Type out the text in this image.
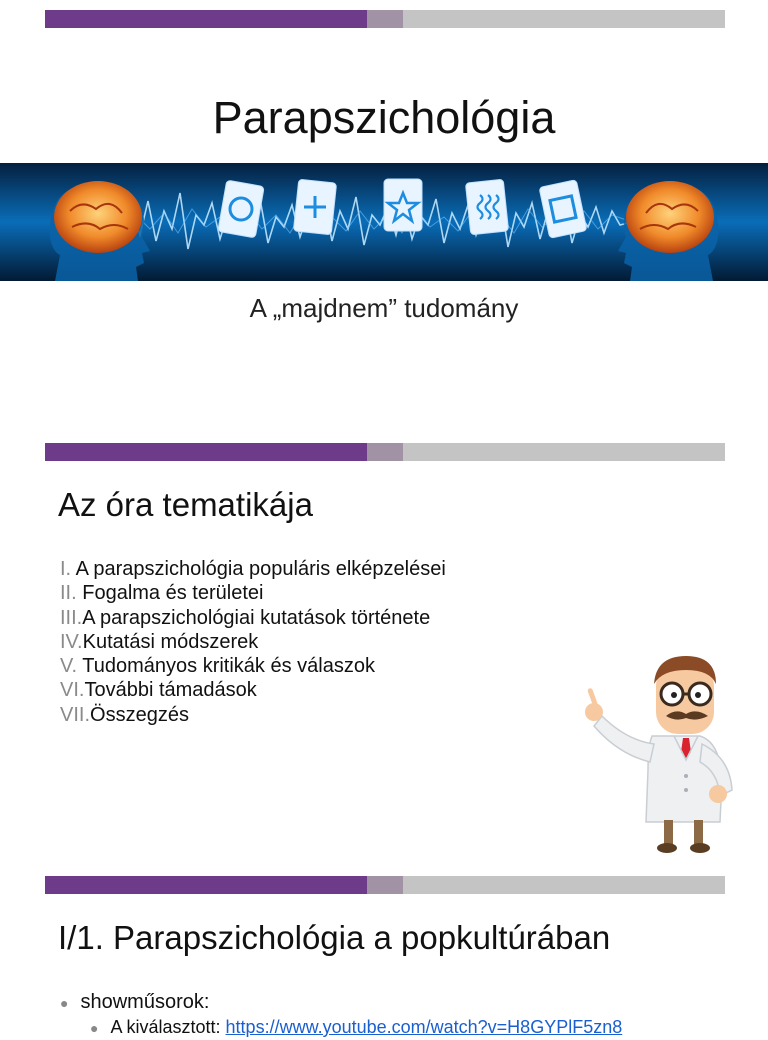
Parapszichológia
A „majdnem” tudomány
Az óra tematikája
I. A parapszichológia populáris elképzelései
II. Fogalma és területei
III.A parapszichológiai kutatások története
IV.Kutatási módszerek
V. Tudományos kritikák és válaszok
VI.További támadások
VII.Összegzés
I/1. Parapszichológia a popkultúrában
● showműsorok:
● A kiválasztott: https://www.youtube.com/watch?v=H8GYPlF5zn8
